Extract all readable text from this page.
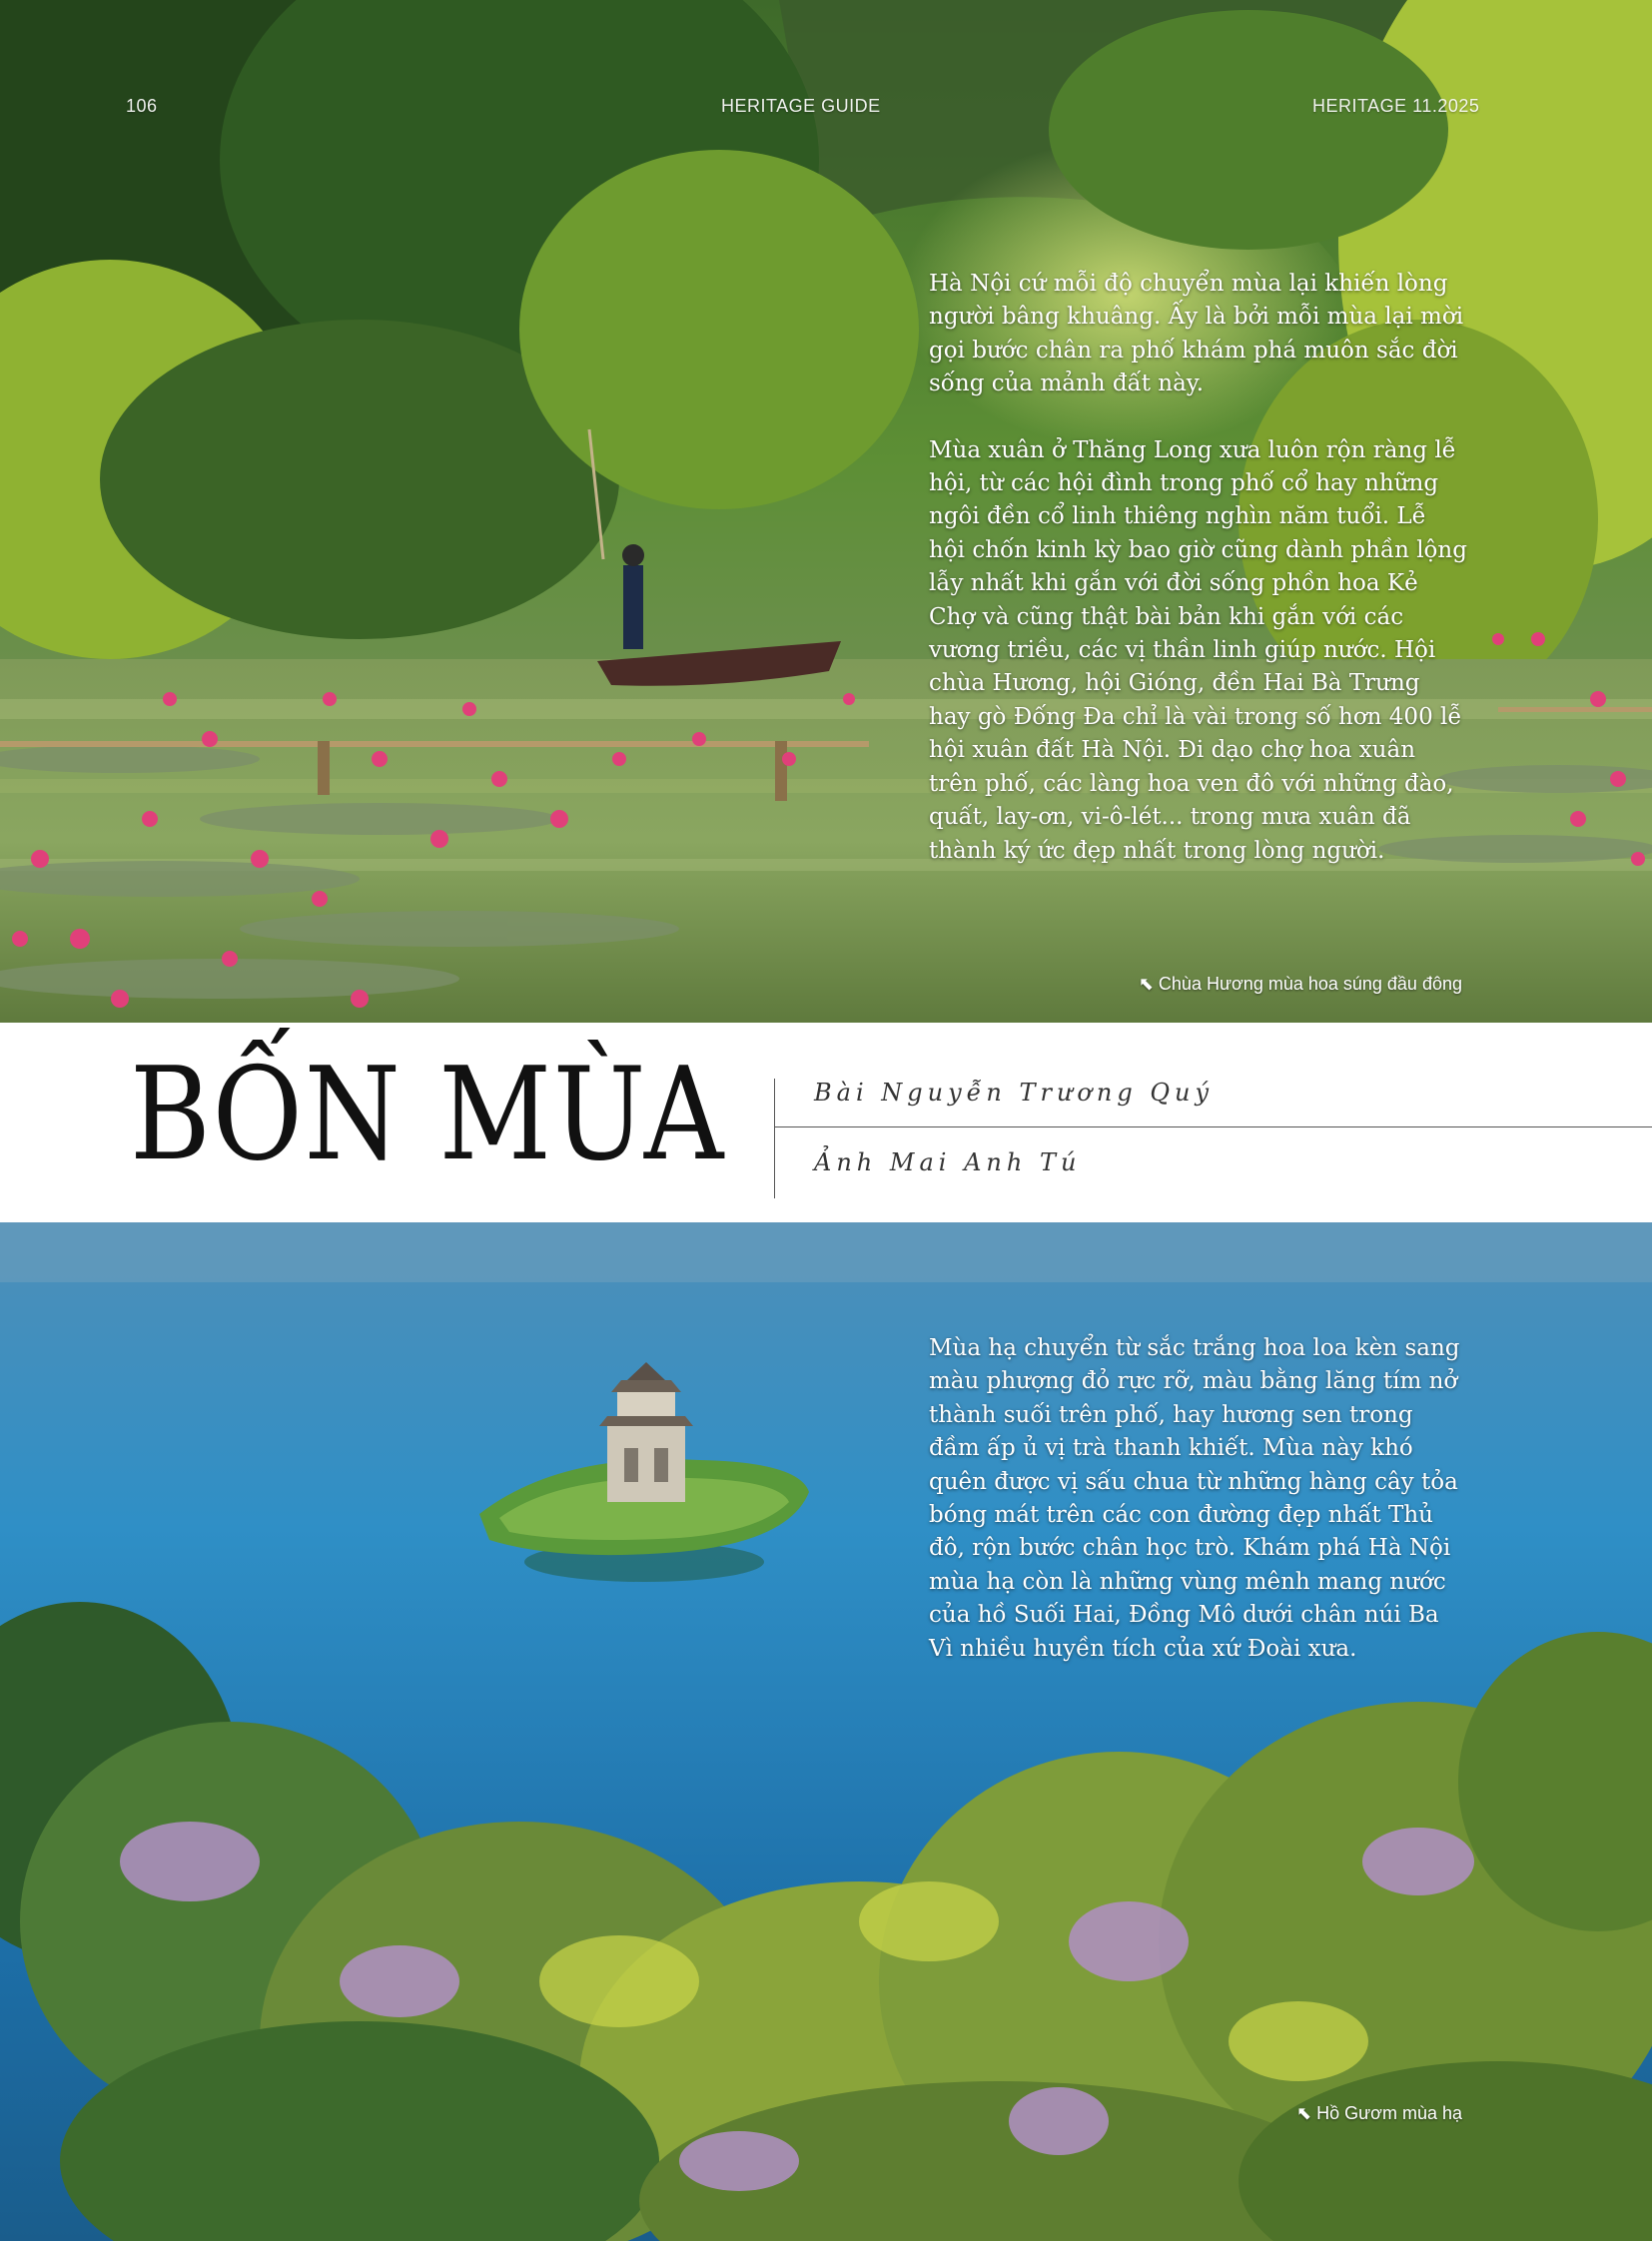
106	HERITAGE GUIDE	HERITAGE 11.2025

Hà Nội cứ mỗi độ chuyển mùa lại khiến lòng người bâng khuâng. Ấy là bởi mỗi mùa lại mời gọi bước chân ra phố khám phá muôn sắc đời sống của mảnh đất này.

Mùa xuân ở Thăng Long xưa luôn rộn ràng lễ hội, từ các hội đình trong phố cổ hay những ngôi đền cổ linh thiêng nghìn năm tuổi. Lễ hội chốn kinh kỳ bao giờ cũng dành phần lộng lẫy nhất khi gắn với đời sống phồn hoa Kẻ Chợ và cũng thật bài bản khi gắn với các vương triều, các vị thần linh giúp nước. Hội chùa Hương, hội Gióng, đền Hai Bà Trưng hay gò Đống Đa chỉ là vài trong số hơn 400 lễ hội xuân đất Hà Nội. Đi dạo chợ hoa xuân trên phố, các làng hoa ven đô với những đào, quất, lay-ơn, vi-ô-lét... trong mưa xuân đã thành ký ức đẹp nhất trong lòng người.

⬉ Chùa Hương mùa hoa súng đầu đông
BỐN MÙA	Bài Nguyễn Trương Quý
Ảnh Mai Anh Tú

Mùa hạ chuyển từ sắc trắng hoa loa kèn sang màu phượng đỏ rực rỡ, màu bằng lăng tím nở thành suối trên phố, hay hương sen trong đầm ấp ủ vị trà thanh khiết. Mùa này khó quên được vị sấu chua từ những hàng cây tỏa bóng mát trên các con đường đẹp nhất Thủ đô, rộn bước chân học trò. Khám phá Hà Nội mùa hạ còn là những vùng mênh mang nước của hồ Suối Hai, Đồng Mô dưới chân núi Ba Vì nhiều huyền tích của xứ Đoài xưa.

⬉ Hồ Gươm mùa hạ
